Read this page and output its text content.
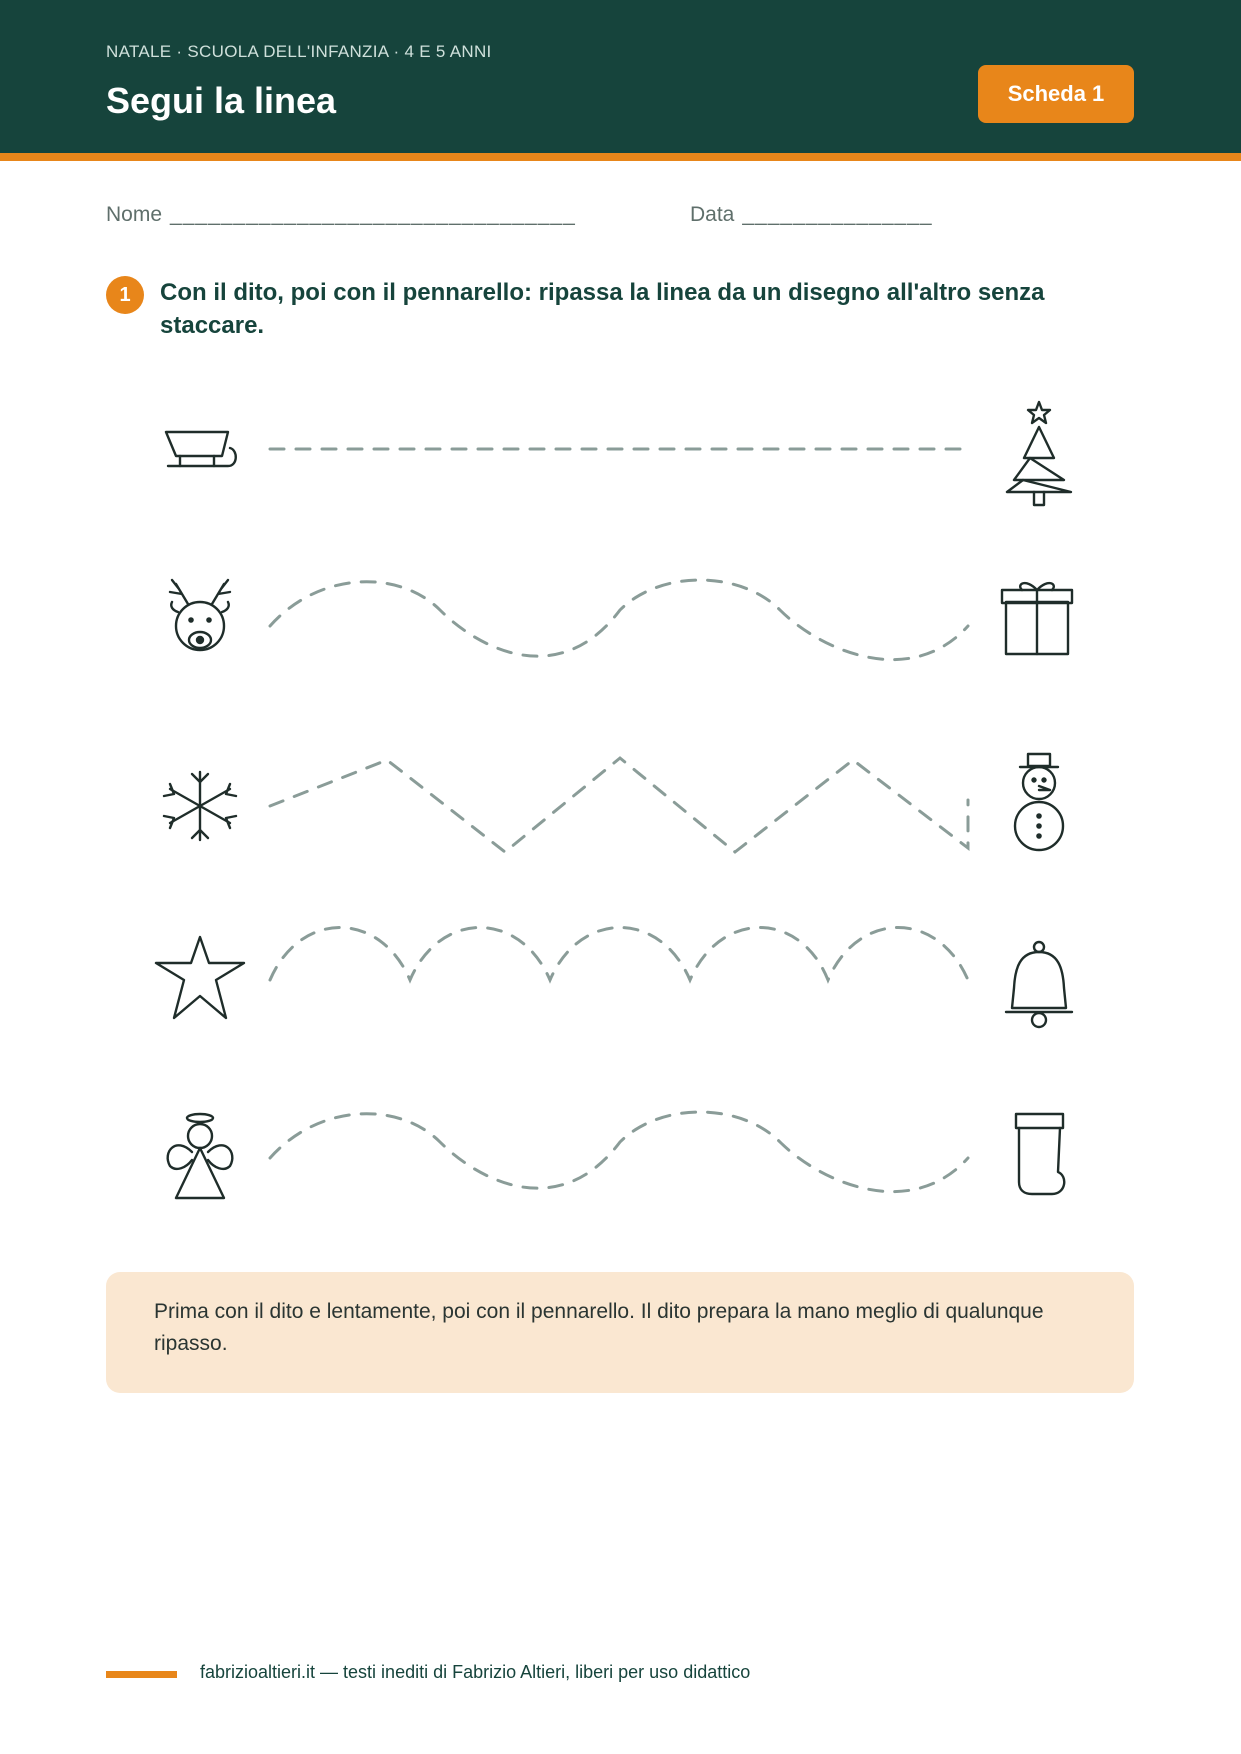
NATALE · SCUOLA DELL'INFANZIA · 4 E 5 ANNI
Segui la linea	Scheda 1
Nome ________________________________	Data _______________
1	Con il dito, poi con il pennarello: ripassa la linea da un disegno all'altro senza staccare.
Prima con il dito e lentamente, poi con il pennarello. Il dito prepara la mano meglio di qualunque ripasso.
fabrizioaltieri.it — testi inediti di Fabrizio Altieri, liberi per uso didattico
